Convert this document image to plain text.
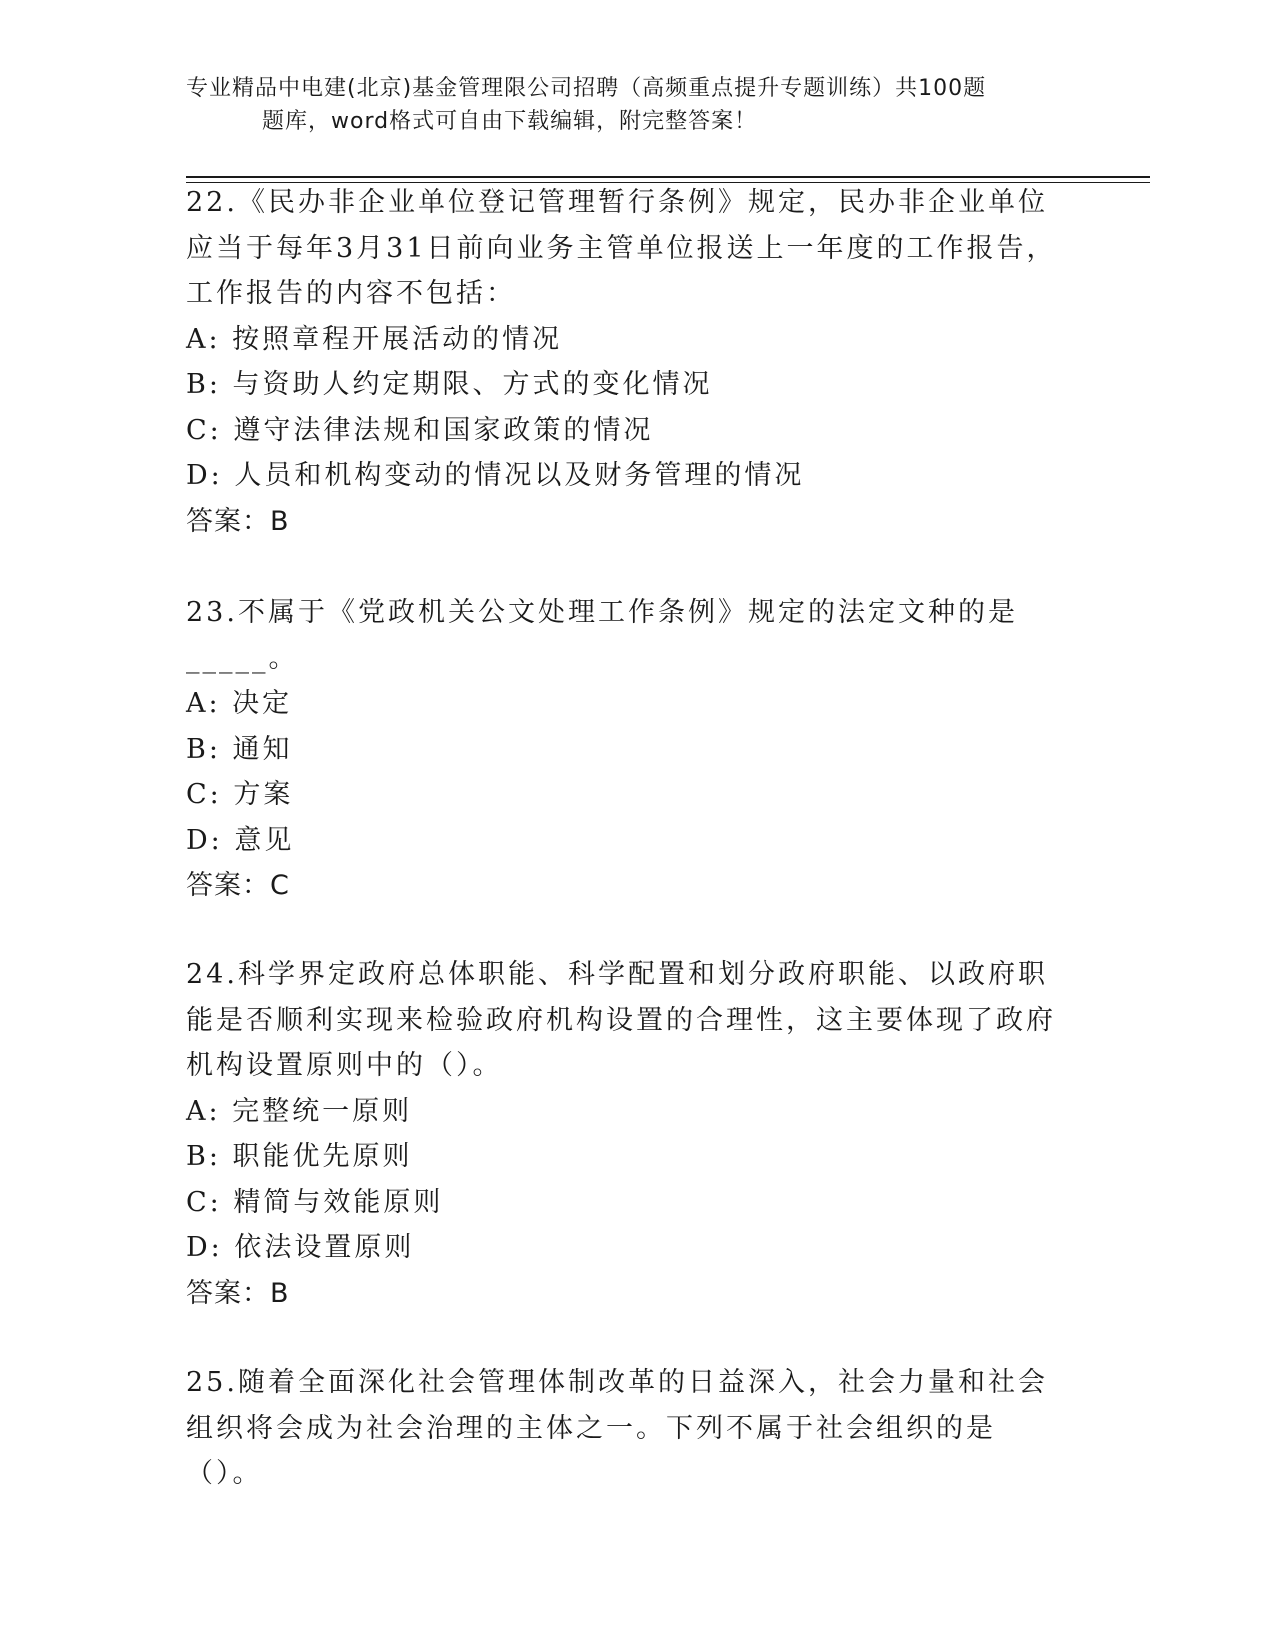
专业精品中电建(北京)基金管理限公司招聘（高频重点提升专题训练）共100题
题库，word格式可自由下载编辑，附完整答案！
22.《民办非企业单位登记管理暂行条例》规定，民办非企业单位应当于每年3月31日前向业务主管单位报送上一年度的工作报告，工作报告的内容不包括：
A: 按照章程开展活动的情况
B: 与资助人约定期限、方式的变化情况
C: 遵守法律法规和国家政策的情况
D: 人员和机构变动的情况以及财务管理的情况
答案：B
23.不属于《党政机关公文处理工作条例》规定的法定文种的是_____。
A: 决定
B: 通知
C: 方案
D: 意见
答案：C
24.科学界定政府总体职能、科学配置和划分政府职能、以政府职能是否顺利实现来检验政府机构设置的合理性，这主要体现了政府机构设置原则中的（）。
A: 完整统一原则
B: 职能优先原则
C: 精简与效能原则
D: 依法设置原则
答案：B
25.随着全面深化社会管理体制改革的日益深入，社会力量和社会组织将会成为社会治理的主体之一。下列不属于社会组织的是（）。
